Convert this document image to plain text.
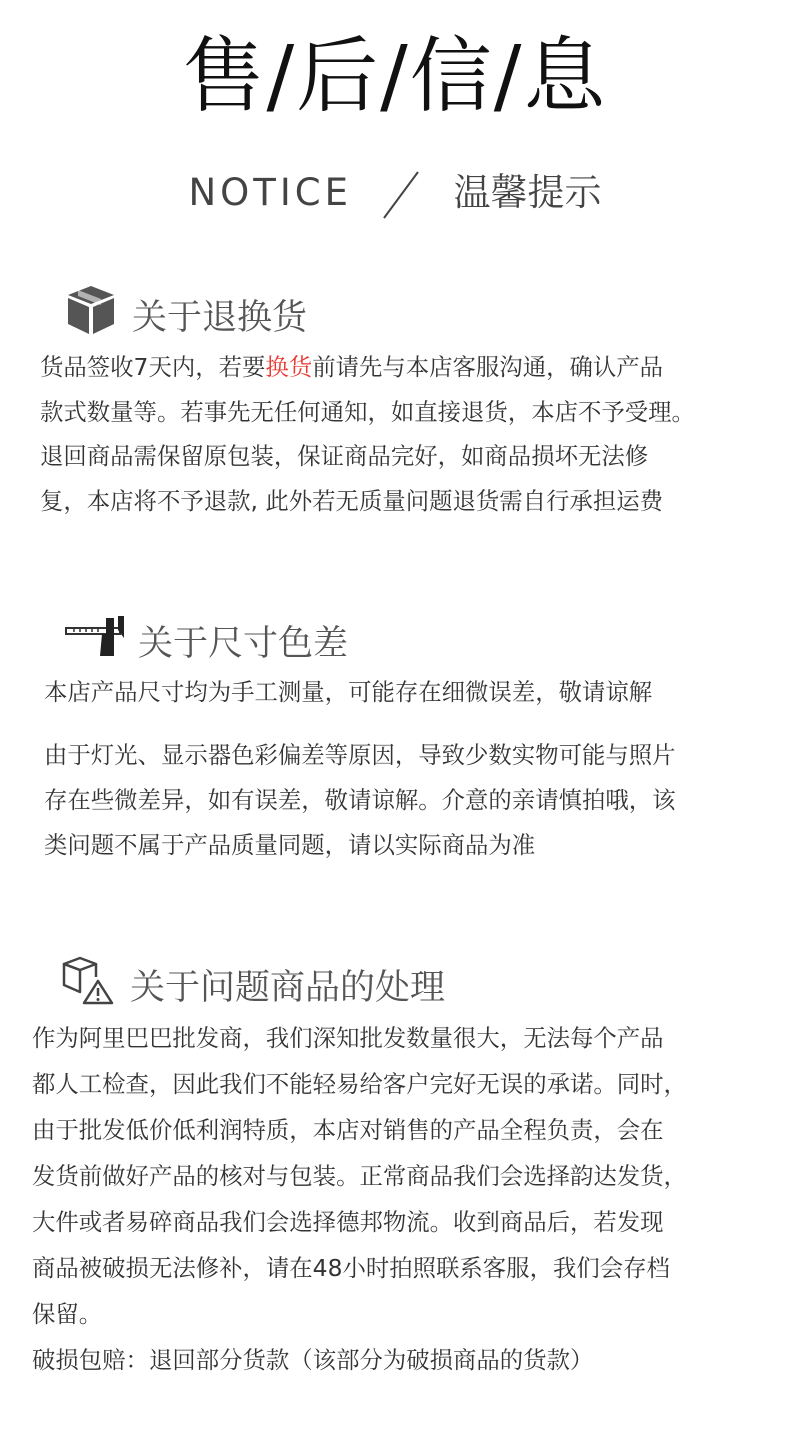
售/后/信/息
NOTICE	温馨提示
关于退换货
货品签收7天内，若要换货前请先与本店客服沟通，确认产品
款式数量等。若事先无任何通知，如直接退货，本店不予受理。
退回商品需保留原包装，保证商品完好，如商品损坏无法修
复，本店将不予退款, 此外若无质量问题退货需自行承担运费
关于尺寸色差
本店产品尺寸均为手工测量，可能存在细微误差，敬请谅解
由于灯光、显示器色彩偏差等原因，导致少数实物可能与照片
存在些微差异，如有误差，敬请谅解。介意的亲请慎拍哦，该
类问题不属于产品质量同题，请以实际商品为准
关于问题商品的处理
作为阿里巴巴批发商，我们深知批发数量很大，无法每个产品
都人工检查，因此我们不能轻易给客户完好无误的承诺。同时，
由于批发低价低利润特质，本店对销售的产品全程负责，会在
发货前做好产品的核对与包装。正常商品我们会选择韵达发货，
大件或者易碎商品我们会选择德邦物流。收到商品后，若发现
商品被破损无法修补，请在48小时拍照联系客服，我们会存档
保留。
破损包赔：退回部分货款（该部分为破损商品的货款）
